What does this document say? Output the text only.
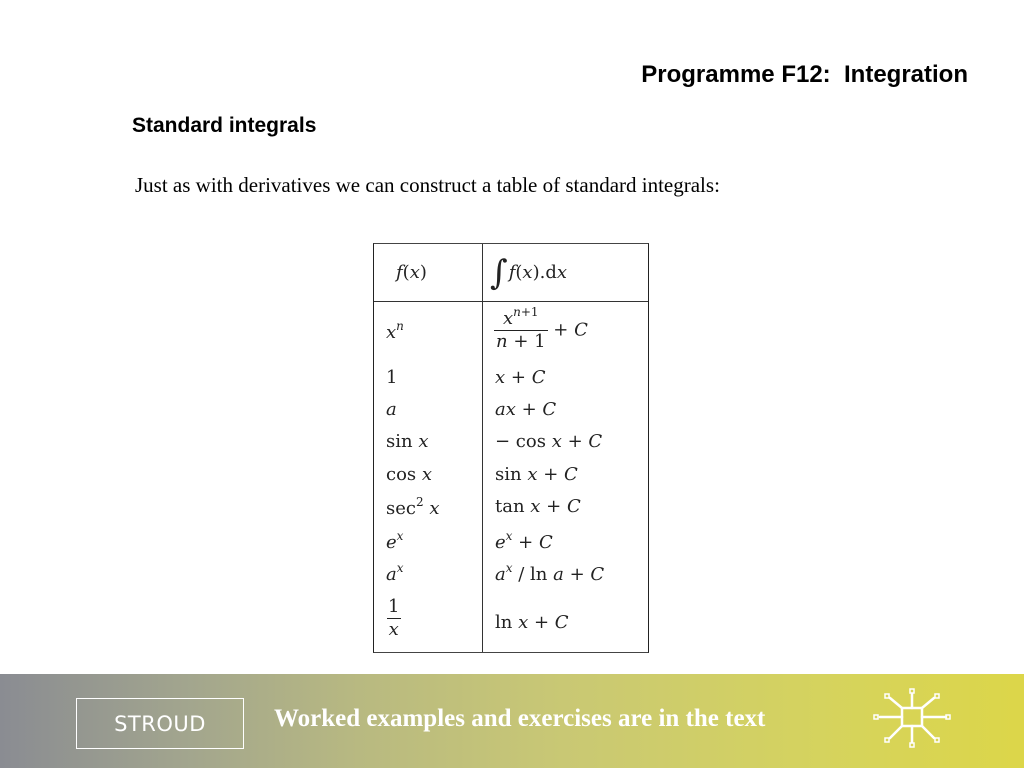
Programme F12:  Integration
Standard integrals
Just as with derivatives we can construct a table of standard integrals:
f(x) ∫f(x).dx
$x^n$
1
a
sin x
cos x
$\sec^2 x$
$e^x$
$a^x$
$\frac{1}{x}$
$\frac{x^{n+1}}{n + 1} + C$
x + C
ax + C
− cos x + C
sin x + C
tan x + C
$e^x + C$
$a^x / \ln a + C$
ln x + C
STROUD	Worked examples and exercises are in the text
